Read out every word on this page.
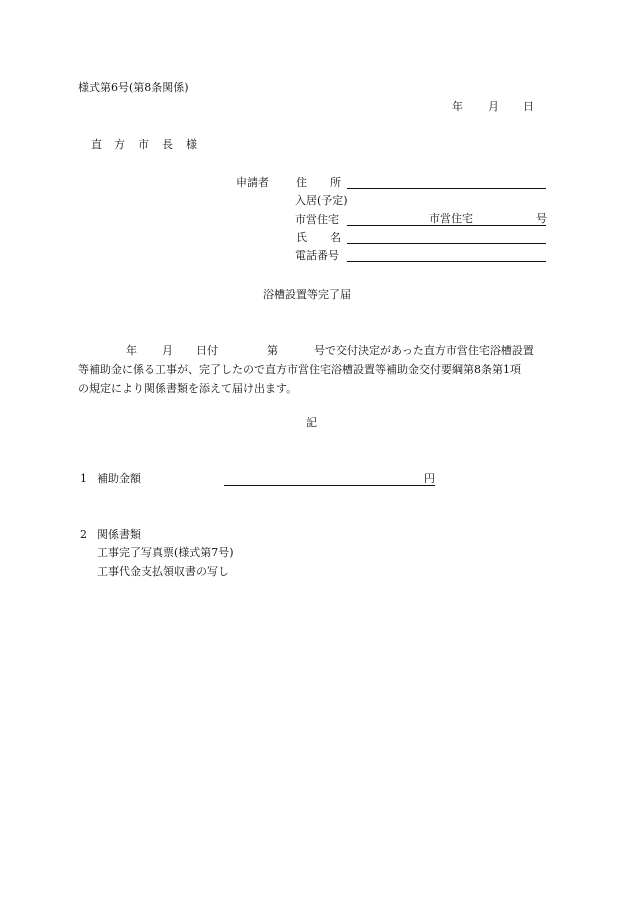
様式第6号(第8条関係)
年 月 日
直 方 市 長 様
申請者 住 所
入居(予定)
市営住宅	市営住宅	号
氏 名
電話番号
浴槽設置等完了届
年 月 日付	第	号で交付決定があった直方市営住宅浴槽設置
等補助金に係る工事が、完了したので直方市営住宅浴槽設置等補助金交付要綱第8条第1項
の規定により関係書類を添えて届け出ます。
記
1 補助金額	円
2 関係書類
工事完了写真票(様式第7号)
工事代金支払領収書の写し
